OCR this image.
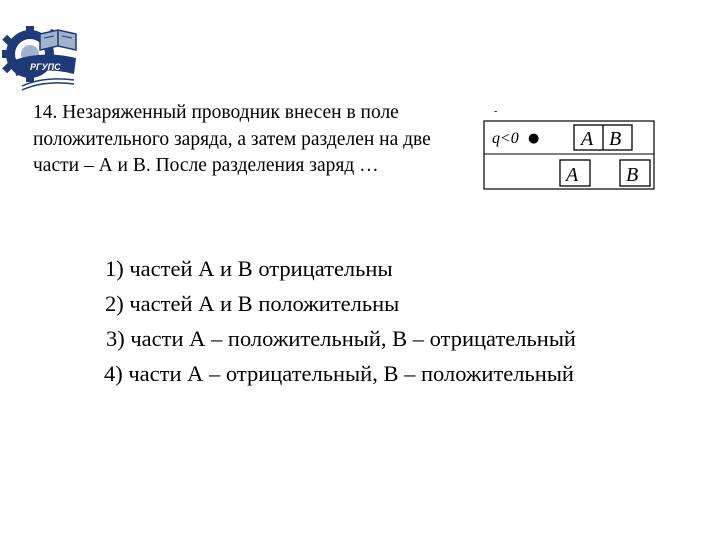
РГУПС

14. Незаряженный проводник внесен в поле положительного заряда, а затем разделен на две части – А и В. После разделения заряд …

-
q<0 ● A B
A B
1) частей А и В отрицательны
2) частей А и В положительны
3) части А – положительный, В – отрицательный
4) части А – отрицательный, В – положительный
